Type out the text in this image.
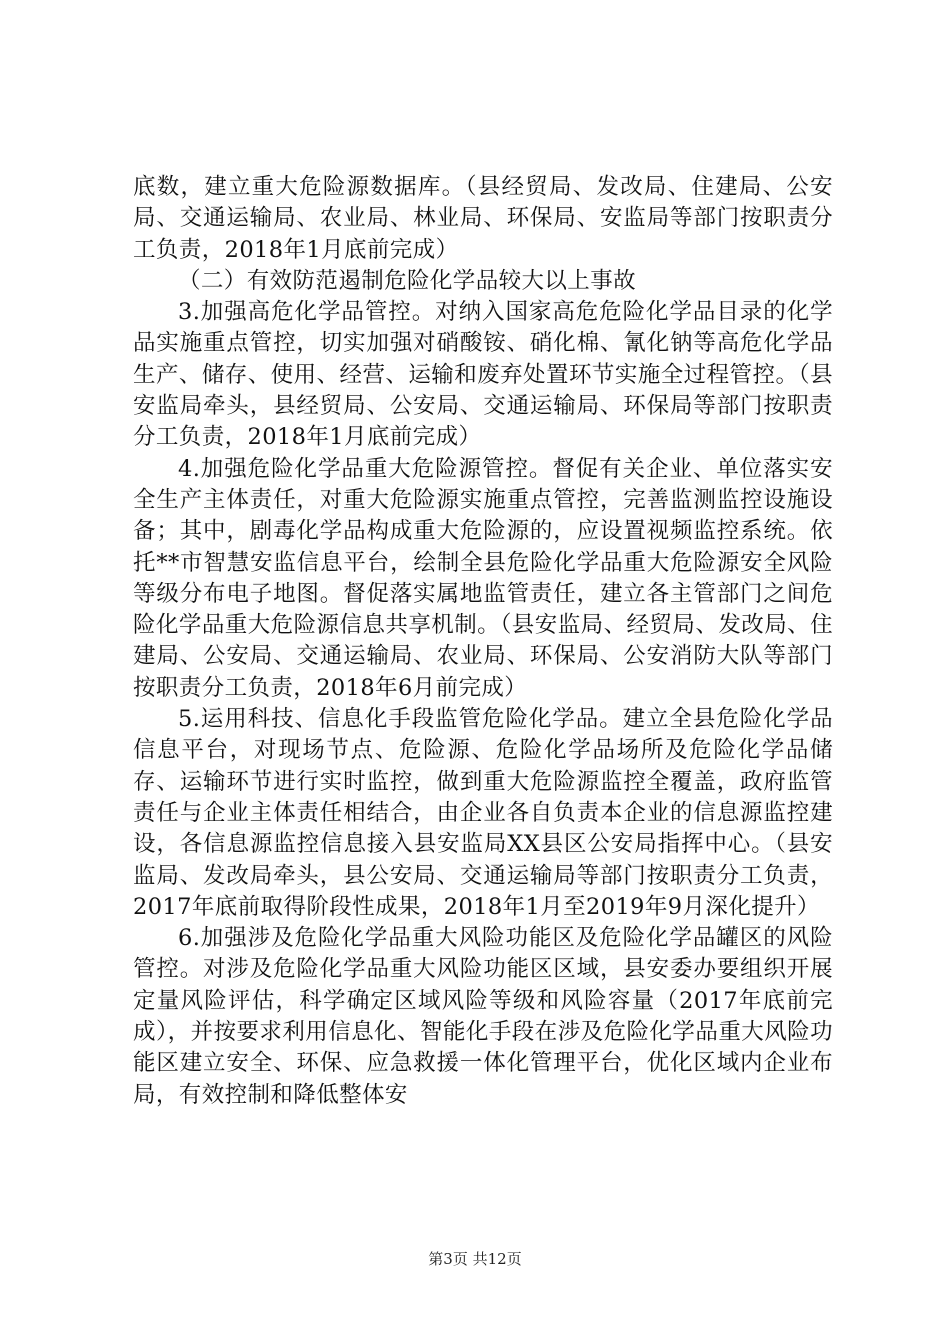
底数，建立重大危险源数据库。（县经贸局、发改局、住建局、公安局、交通运输局、农业局、林业局、环保局、安监局等部门按职责分工负责，2018年1月底前完成）

（二）有效防范遏制危险化学品较大以上事故

3.加强高危化学品管控。对纳入国家高危危险化学品目录的化学品实施重点管控，切实加强对硝酸铵、硝化棉、氰化钠等高危化学品生产、储存、使用、经营、运输和废弃处置环节实施全过程管控。（县安监局牵头，县经贸局、公安局、交通运输局、环保局等部门按职责分工负责，2018年1月底前完成）

4.加强危险化学品重大危险源管控。督促有关企业、单位落实安全生产主体责任，对重大危险源实施重点管控，完善监测监控设施设备；其中，剧毒化学品构成重大危险源的，应设置视频监控系统。依托**市智慧安监信息平台，绘制全县危险化学品重大危险源安全风险等级分布电子地图。督促落实属地监管责任，建立各主管部门之间危险化学品重大危险源信息共享机制。（县安监局、经贸局、发改局、住建局、公安局、交通运输局、农业局、环保局、公安消防大队等部门按职责分工负责，2018年6月前完成）

5.运用科技、信息化手段监管危险化学品。建立全县危险化学品信息平台，对现场节点、危险源、危险化学品场所及危险化学品储存、运输环节进行实时监控，做到重大危险源监控全覆盖，政府监管责任与企业主体责任相结合，由企业各自负责本企业的信息源监控建设，各信息源监控信息接入县安监局XX县区公安局指挥中心。（县安监局、发改局牵头，县公安局、交通运输局等部门按职责分工负责，2017年底前取得阶段性成果，2018年1月至2019年9月深化提升）

6.加强涉及危险化学品重大风险功能区及危险化学品罐区的风险管控。对涉及危险化学品重大风险功能区区域，县安委办要组织开展定量风险评估，科学确定区域风险等级和风险容量（2017年底前完成），并按要求利用信息化、智能化手段在涉及危险化学品重大风险功能区建立安全、环保、应急救援一体化管理平台，优化区域内企业布局，有效控制和降低整体安

第3页 共12页
